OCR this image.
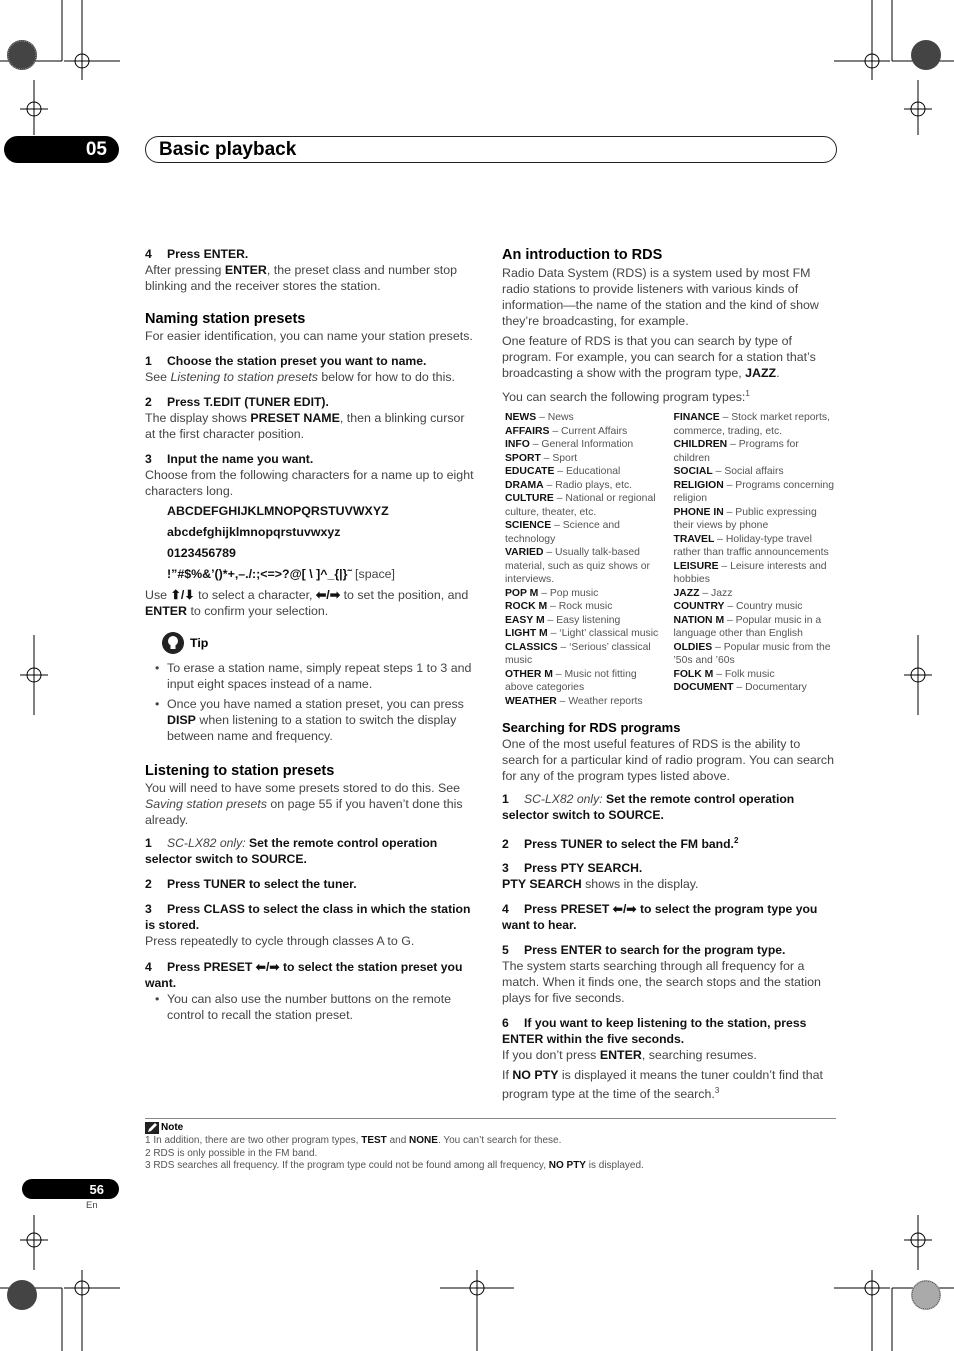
05	Basic playback
4 Press ENTER.
After pressing ENTER, the preset class and number stop blinking and the receiver stores the station.
Naming station presets
For easier identification, you can name your station presets.
1 Choose the station preset you want to name.
See Listening to station presets below for how to do this.
2 Press T.EDIT (TUNER EDIT).
The display shows PRESET NAME, then a blinking cursor at the first character position.
3 Input the name you want.
Choose from the following characters for a name up to eight characters long.
ABCDEFGHIJKLMNOPQRSTUVWXYZ
abcdefghijklmnopqrstuvwxyz
0123456789
!”#$%&’()*+,–./:;<=>?@[ \ ]^_{|}˜ [space]
Use ⬆/⬇ to select a character, ⬅/➡ to set the position, and ENTER to confirm your selection.
Tip
• To erase a station name, simply repeat steps 1 to 3 and input eight spaces instead of a name.
• Once you have named a station preset, you can press DISP when listening to a station to switch the display between name and frequency.
Listening to station presets
You will need to have some presets stored to do this. See Saving station presets on page 55 if you haven’t done this already.
1 SC-LX82 only: Set the remote control operation selector switch to SOURCE.
2 Press TUNER to select the tuner.
3 Press CLASS to select the class in which the station is stored.
Press repeatedly to cycle through classes A to G.
4 Press PRESET ⬅/➡ to select the station preset you want.
• You can also use the number buttons on the remote control to recall the station preset.
An introduction to RDS
Radio Data System (RDS) is a system used by most FM radio stations to provide listeners with various kinds of information—the name of the station and the kind of show they’re broadcasting, for example.
One feature of RDS is that you can search by type of program. For example, you can search for a station that’s broadcasting a show with the program type, JAZZ.
You can search the following program types:$^1$
NEWS – News
AFFAIRS – Current Affairs
INFO – General Information
SPORT – Sport
EDUCATE – Educational
DRAMA – Radio plays, etc.
CULTURE – National or regional culture, theater, etc.
SCIENCE – Science and technology
VARIED – Usually talk-based material, such as quiz shows or interviews.
POP M – Pop music
ROCK M – Rock music
EASY M – Easy listening
LIGHT M – ‘Light’ classical music
CLASSICS – ‘Serious’ classical music
OTHER M – Music not fitting above categories
WEATHER – Weather reports
FINANCE – Stock market reports, commerce, trading, etc.
CHILDREN – Programs for children
SOCIAL – Social affairs
RELIGION – Programs concerning religion
PHONE IN – Public expressing their views by phone
TRAVEL – Holiday-type travel rather than traffic announcements
LEISURE – Leisure interests and hobbies
JAZZ – Jazz
COUNTRY – Country music
NATION M – Popular music in a language other than English
OLDIES – Popular music from the ’50s and ’60s
FOLK M – Folk music
DOCUMENT – Documentary
Searching for RDS programs
One of the most useful features of RDS is the ability to search for a particular kind of radio program. You can search for any of the program types listed above.
1 SC-LX82 only: Set the remote control operation selector switch to SOURCE.
2 Press TUNER to select the FM band.$^2$
3 Press PTY SEARCH.
PTY SEARCH shows in the display.
4 Press PRESET ⬅/➡ to select the program type you want to hear.
5 Press ENTER to search for the program type.
The system starts searching through all frequency for a match. When it finds one, the search stops and the station plays for five seconds.
6 If you want to keep listening to the station, press ENTER within the five seconds.
If you don’t press ENTER, searching resumes.
If NO PTY is displayed it means the tuner couldn’t find that program type at the time of the search.$^3$
Note
1 In addition, there are two other program types, TEST and NONE. You can’t search for these.
2 RDS is only possible in the FM band.
3 RDS searches all frequency. If the program type could not be found among all frequency, NO PTY is displayed.
56
En
